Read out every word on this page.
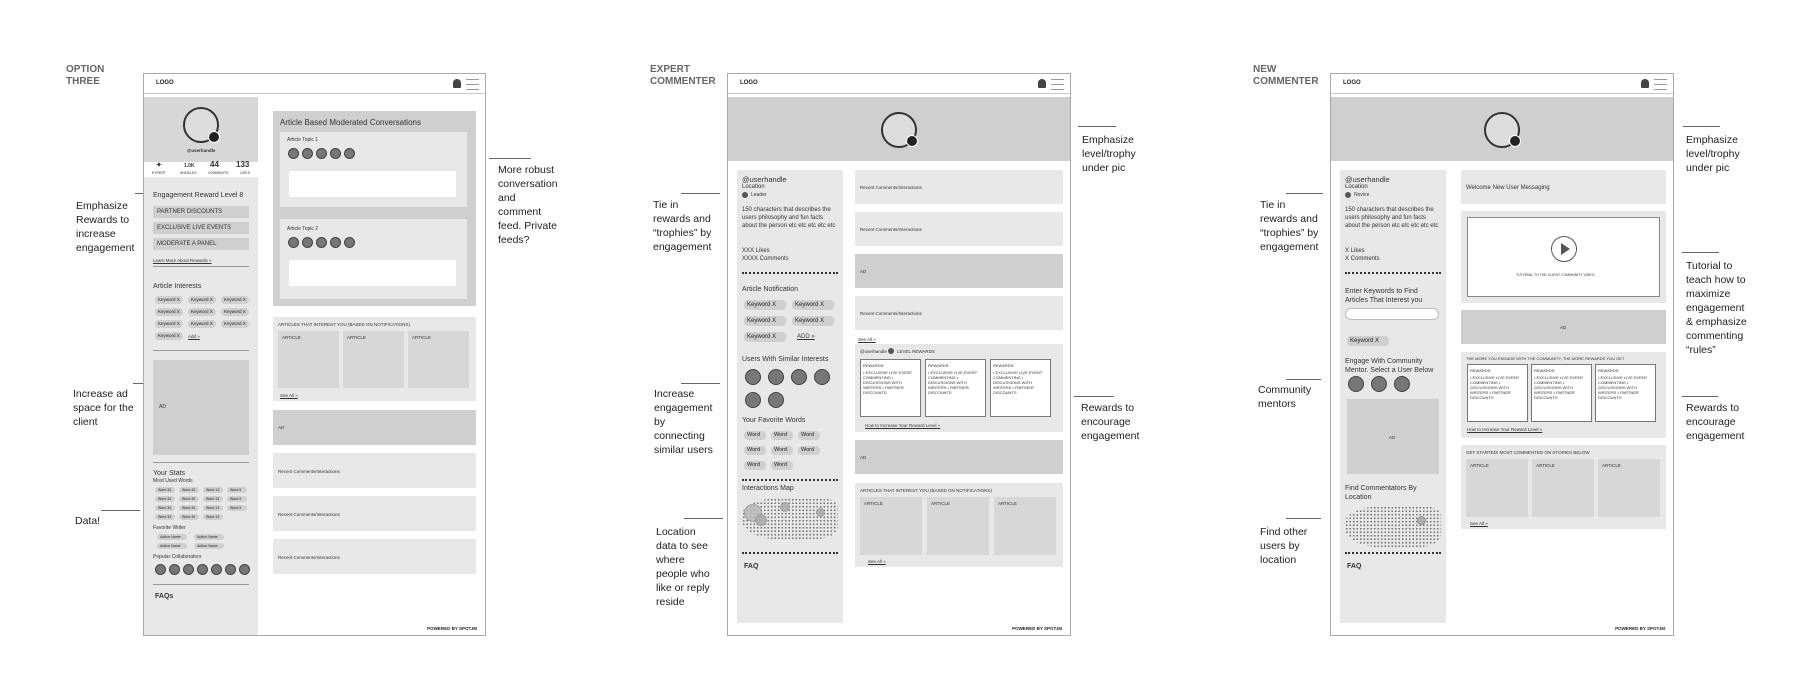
OPTION THREE
Emphasize Rewards to increase engagement
Increase ad space for the client
Data!
More robust conversation and comment feed. Private feeds?
LOGO
@userhandle
✦
EXPERT
1.0K
ANGELES
44
COMMENTS
133
LIKES
Engagement Reward Level 8
PARTNER DISCOUNTS
EXCLUSIVE LIVE EVENTS
MODERATE A PANEL
Learn More About Rewards »
Article Interests
Keyword X	Keyword X	Keyword X
Keyword X	Keyword X	Keyword X
Keyword X	Keyword X	Keyword X
Keyword X	Add »
AD
Your Stats
Most Used Words
Word 33	Word 40	Word 13	Word 9
Word 33	Word 40	Word 13	Word 9
Word 33	Word 40	Word 13	Word 9
Word 33	Word 40	Word 13
Favorite Writer
Author Name	Author Name
Author Name	Author Name
Popular Collaborators
FAQs
Article Based Moderated Conversations
Article Topic 1
Article Topic 2
ARTICLES THAT INTEREST YOU (BASED ON NOTIFICATIONS)
ARTICLE	ARTICLE	ARTICLE
See All »
AD
Recent Comments/Interactions
Recent Comments/Interactions
Recent Comments/Interactions
POWERED BY SPOT.IM
EXPERT COMMENTER
Emphasize level/trophy under pic
Tie in rewards and “trophies” by engagement
Increase engagement by connecting similar users
Location data to see where people who like or reply reside
Rewards to encourage engagement
LOGO
@userhandle
Location
Leader
150 characters that describes the users philosophy and fun facts about the person etc etc etc etc etc
XXX Likes
XXXX Comments
Article Notification
Keyword X	Keyword X
Keyword X	Keyword X
Keyword X	ADD »
Users With Similar Interests
Your Favorite Words
Word	Word	Word
Word	Word	Word
Word	Word
Interactions Map
FAQ
Recent Comments/Interactions
Recent Comments/Interactions
AD
Recent Comments/Interactions
See All »
@userhandle LEVEL REWARDS
REWARDS:
• EXCLUSIVE LIVE EVENT COMMENTING • DISCUSSIONS WITH WRITERS • PARTNER DISCOUNTS
REWARDS:
• EXCLUSIVE LIVE EVENT COMMENTING • DISCUSSIONS WITH WRITERS • PARTNER DISCOUNTS
REWARDS:
• EXCLUSIVE LIVE EVENT COMMENTING • DISCUSSIONS WITH WRITERS • PARTNER DISCOUNTS
How to Increase Your Reward Level »
AD
ARTICLES THAT INTEREST YOU (BASED ON NOTIFICATIONS)
ARTICLE	ARTICLE	ARTICLE
See All »
POWERED BY SPOT.IM
NEW COMMENTER
Tie in rewards and “trophies” by engagement
Community mentors
Find other users by location
Emphasize level/trophy under pic
Tutorial to teach how to maximize engagement & emphasize commenting “rules”
Rewards to encourage engagement
LOGO
@userhandle
Location
Novice
150 characters that describes the users philosophy and fun facts about the person etc etc etc etc etc
X Likes
X Comments
Enter Keywords to Find Articles That Interest you
Keyword X
Engage With Community Mentor. Select a User Below
AD
Find Commentators By Location
FAQ
Welcome New User Messaging
TUTORIAL TO THE CLIENT COMMUNITY VIDEO
AD
THE MORE YOU ENGAGE WITH THE COMMUNITY, THE MORE REWARDS YOU GET
REWARDS:
• EXCLUSIVE LIVE EVENT COMMENTING • DISCUSSIONS WITH WRITERS • PARTNER DISCOUNTS
REWARDS:
• EXCLUSIVE LIVE EVENT COMMENTING • DISCUSSIONS WITH WRITERS • PARTNER DISCOUNTS
REWARDS:
• EXCLUSIVE LIVE EVENT COMMENTING • DISCUSSIONS WITH WRITERS • PARTNER DISCOUNTS
How to Increase Your Reward Level »
GET STARTED! MOST COMMENTED ON STORIES BELOW
ARTICLE	ARTICLE	ARTICLE
See All »
POWERED BY SPOT.IM
